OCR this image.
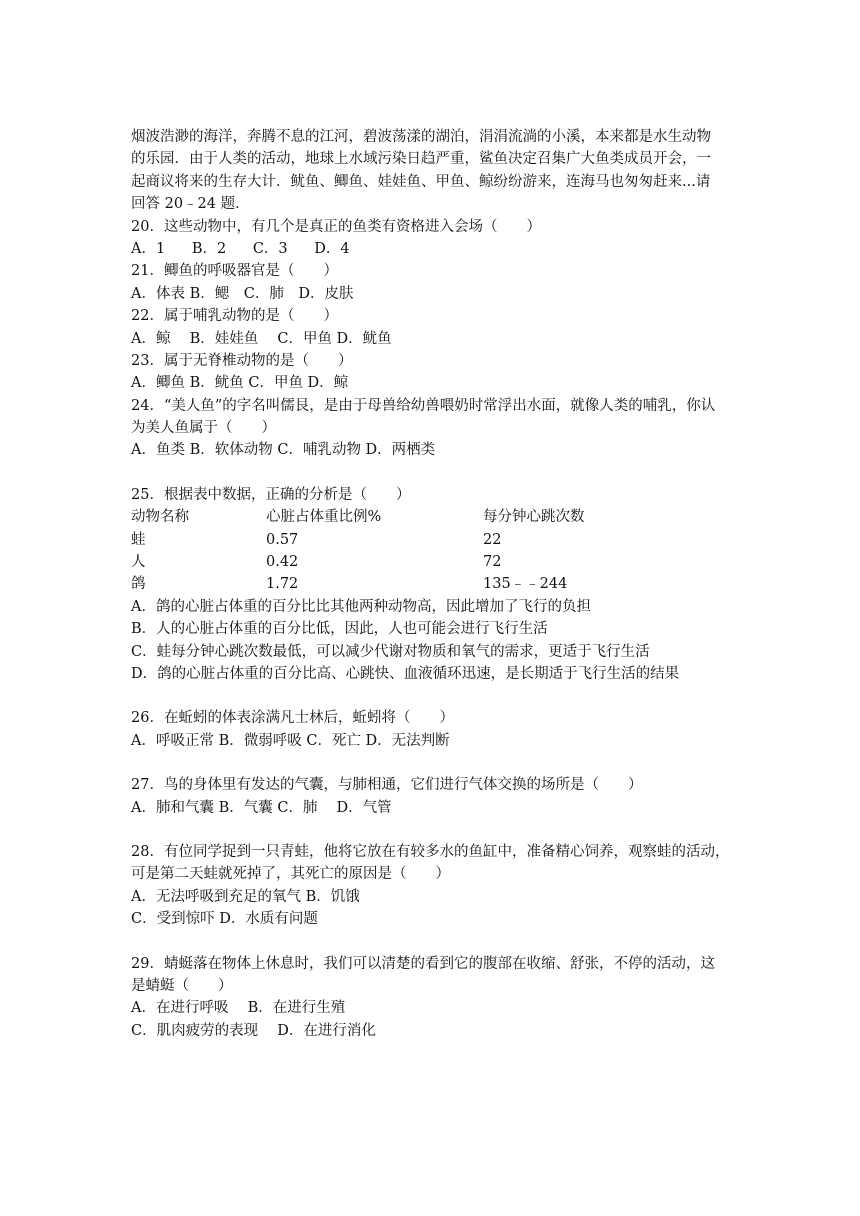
烟波浩渺的海洋，奔腾不息的江河，碧波荡漾的湖泊，涓涓流淌的小溪，本来都是水生动物
的乐园．由于人类的活动，地球上水域污染日趋严重，鲨鱼决定召集广大鱼类成员开会，一
起商议将来的生存大计．鱿鱼、鲫鱼、娃娃鱼、甲鱼、鲸纷纷游来，连海马也匆匆赶来...请
回答 20﹣24 题．
20．这些动物中，有几个是真正的鱼类有资格进入会场（　　）
A．1 B．2 C．3 D．4
21．鲫鱼的呼吸器官是（　　）
A．体表 B．鳃　C．肺　D．皮肤
22．属于哺乳动物的是（　　）
A．鲸　 B．娃娃鱼　 C．甲鱼 D．鱿鱼
23．属于无脊椎动物的是（　　）
A．鲫鱼 B．鱿鱼 C．甲鱼 D．鲸
24．“美人鱼”的字名叫儒艮，是由于母兽给幼兽喂奶时常浮出水面，就像人类的哺乳，你认
为美人鱼属于（　　）
A．鱼类 B．软体动物 C．哺乳动物 D．两栖类
25．根据表中数据，正确的分析是（　　）
动物名称	心脏占体重比例%	每分钟心跳次数
蛙	0.57	22
人	0.42	72
鸽	1.72	135﹣﹣244
A．鸽的心脏占体重的百分比比其他两种动物高，因此增加了飞行的负担
B．人的心脏占体重的百分比低，因此，人也可能会进行飞行生活
C．蛙每分钟心跳次数最低，可以减少代谢对物质和氧气的需求，更适于飞行生活
D．鸽的心脏占体重的百分比高、心跳快、血液循环迅速，是长期适于飞行生活的结果
26．在蚯蚓的体表涂满凡士林后，蚯蚓将（　　）
A．呼吸正常 B．微弱呼吸 C．死亡 D．无法判断
27．鸟的身体里有发达的气囊，与肺相通，它们进行气体交换的场所是（　　）
A．肺和气囊 B．气囊 C．肺　 D．气管
28．有位同学捉到一只青蛙，他将它放在有较多水的鱼缸中，准备精心饲养，观察蛙的活动，
可是第二天蛙就死掉了，其死亡的原因是（　　）
A．无法呼吸到充足的氧气 B．饥饿
C．受到惊吓 D．水质有问题
29．蜻蜓落在物体上休息时，我们可以清楚的看到它的腹部在收缩、舒张，不停的活动，这
是蜻蜓（　　）
A．在进行呼吸　 B．在进行生殖
C．肌肉疲劳的表现　 D．在进行消化
